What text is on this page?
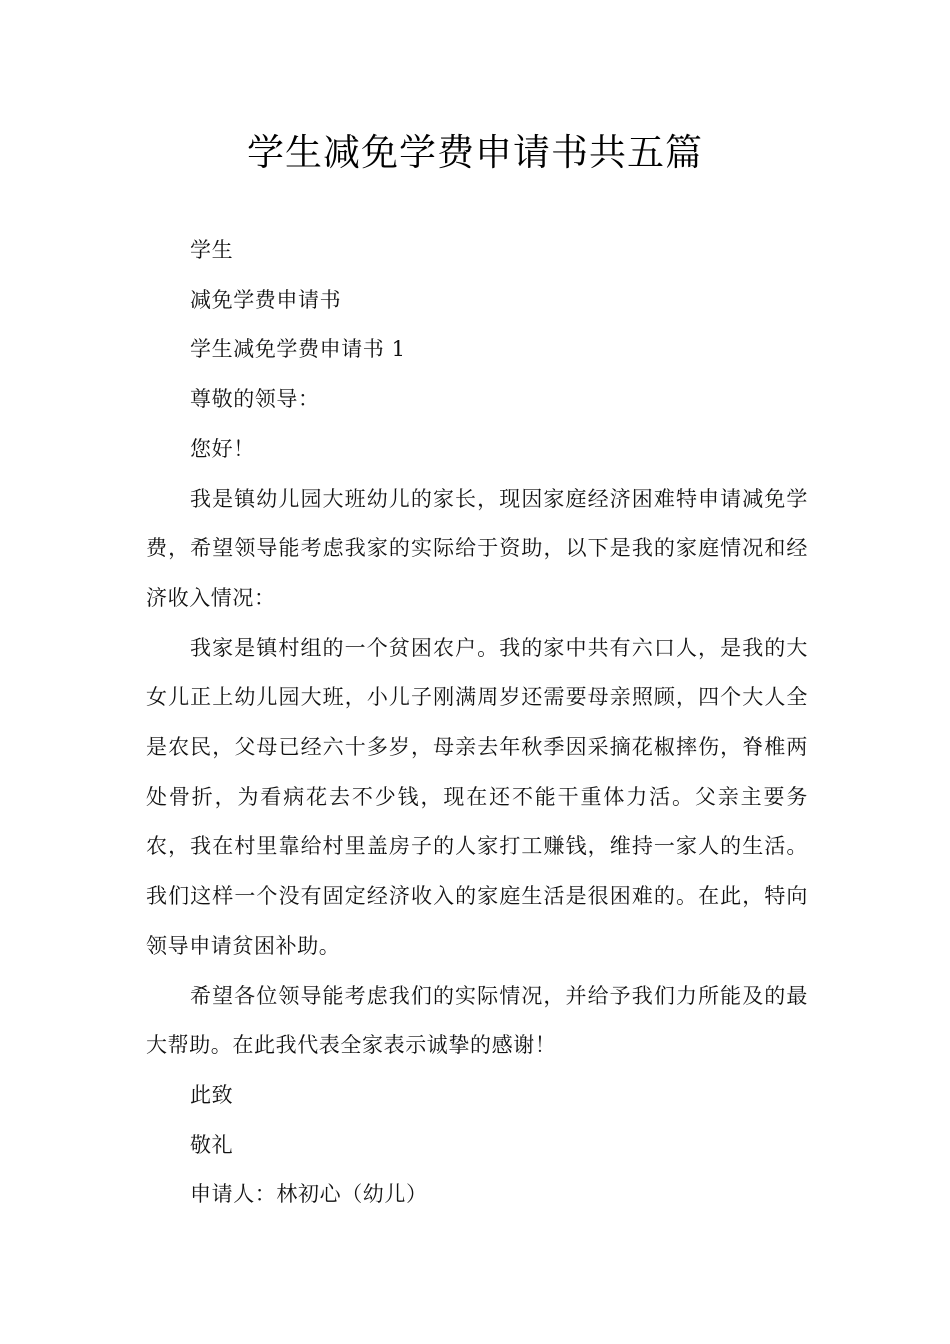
学生减免学费申请书共五篇

学生

减免学费申请书

学生减免学费申请书 1

尊敬的领导：

您好！

我是镇幼儿园大班幼儿的家长，现因家庭经济困难特申请减免学费，希望领导能考虑我家的实际给于资助，以下是我的家庭情况和经济收入情况：

我家是镇村组的一个贫困农户。我的家中共有六口人，是我的大女儿正上幼儿园大班，小儿子刚满周岁还需要母亲照顾，四个大人全是农民，父母已经六十多岁，母亲去年秋季因采摘花椒摔伤，脊椎两处骨折，为看病花去不少钱，现在还不能干重体力活。父亲主要务农，我在村里靠给村里盖房子的人家打工赚钱，维持一家人的生活。我们这样一个没有固定经济收入的家庭生活是很困难的。在此，特向领导申请贫困补助。

希望各位领导能考虑我们的实际情况，并给予我们力所能及的最大帮助。在此我代表全家表示诚挚的感谢！

此致

敬礼

申请人：林初心（幼儿）
